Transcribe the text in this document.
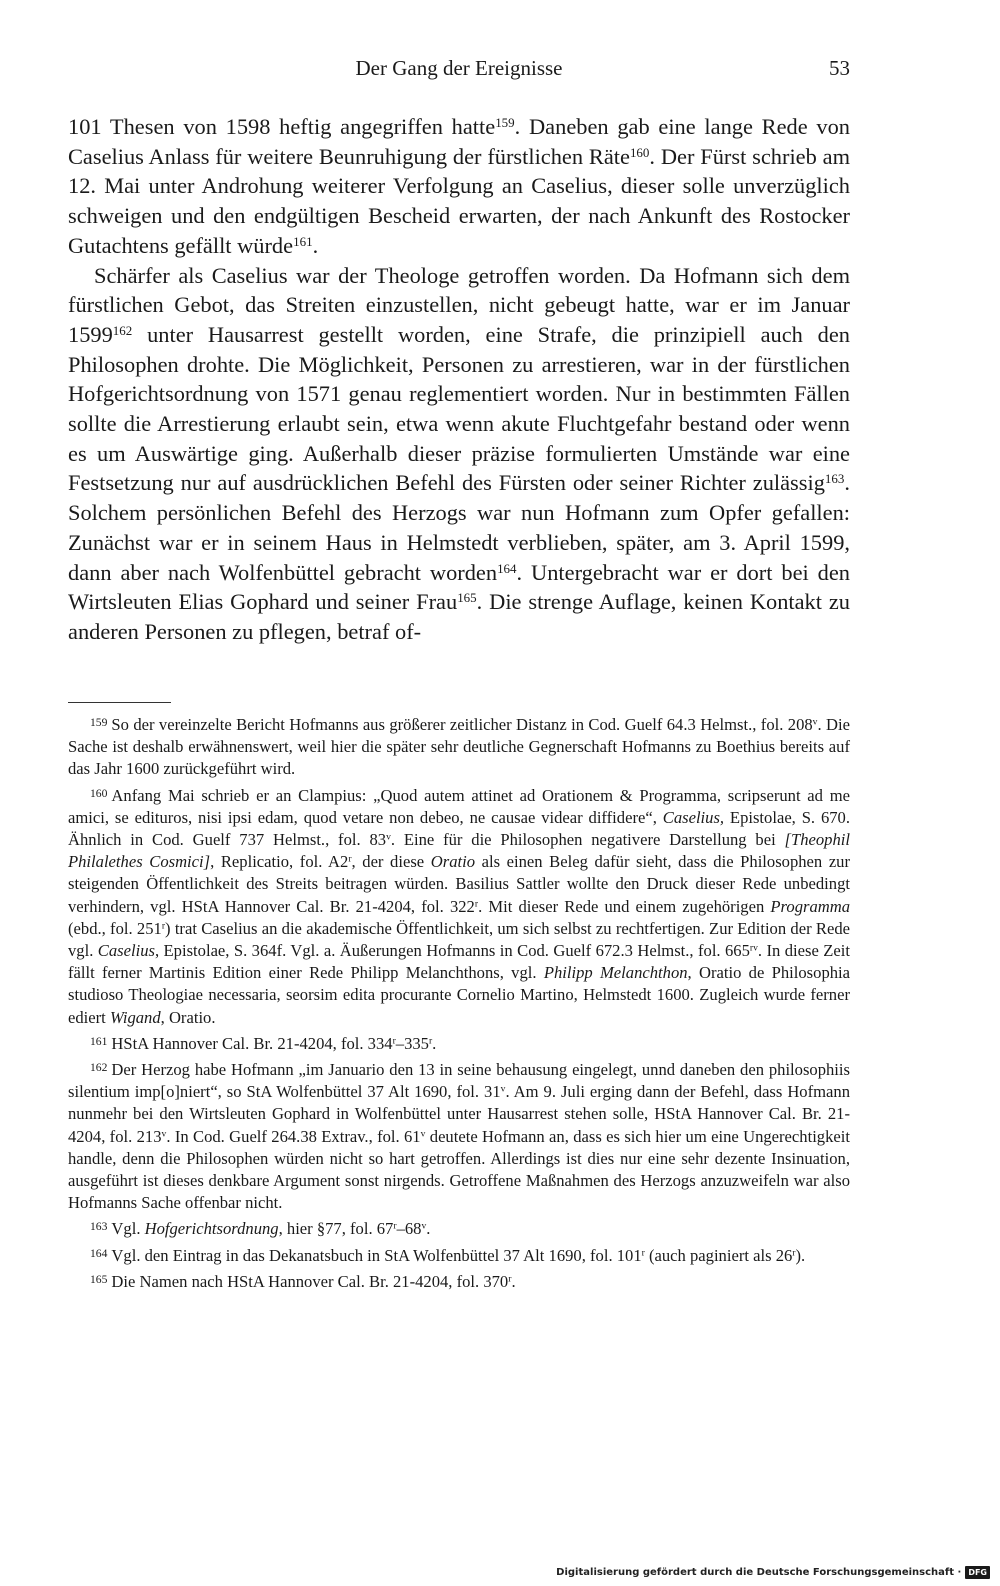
Der Gang der Ereignisse	53

101 Thesen von 1598 heftig angegriffen hatte$^{159}$. Daneben gab eine lange Rede von Caselius Anlass für weitere Beunruhigung der fürstlichen Räte$^{160}$. Der Fürst schrieb am 12. Mai unter Androhung weiterer Verfolgung an Caselius, dieser solle unverzüglich schweigen und den endgültigen Bescheid erwarten, der nach Ankunft des Rostocker Gutachtens gefällt würde$^{161}$.

Schärfer als Caselius war der Theologe getroffen worden. Da Hofmann sich dem fürstlichen Gebot, das Streiten einzustellen, nicht gebeugt hatte, war er im Januar 1599$^{162}$ unter Hausarrest gestellt worden, eine Strafe, die prinzipiell auch den Philosophen drohte. Die Möglichkeit, Personen zu arrestieren, war in der fürstlichen Hofgerichtsordnung von 1571 genau reglementiert worden. Nur in bestimmten Fällen sollte die Arrestierung erlaubt sein, etwa wenn akute Fluchtgefahr bestand oder wenn es um Auswärtige ging. Außerhalb dieser präzise formulierten Umstände war eine Festsetzung nur auf ausdrücklichen Befehl des Fürsten oder seiner Richter zulässig$^{163}$. Solchem persönlichen Befehl des Herzogs war nun Hofmann zum Opfer gefallen: Zunächst war er in seinem Haus in Helmstedt verblieben, später, am 3. April 1599, dann aber nach Wolfenbüttel gebracht worden$^{164}$. Untergebracht war er dort bei den Wirtsleuten Elias Gophard und seiner Frau$^{165}$. Die strenge Auflage, keinen Kontakt zu anderen Personen zu pflegen, betraf of-

$^{159}$ So der vereinzelte Bericht Hofmanns aus größerer zeitlicher Distanz in Cod. Guelf 64.3 Helmst., fol. 208$^v$. Die Sache ist deshalb erwähnenswert, weil hier die später sehr deutliche Gegnerschaft Hofmanns zu Boethius bereits auf das Jahr 1600 zurückgeführt wird.

$^{160}$ Anfang Mai schrieb er an Clampius: „Quod autem attinet ad Orationem & Programma, scripserunt ad me amici, se edituros, nisi ipsi edam, quod vetare non debeo, ne causae videar diffidere“, Caselius, Epistolae, S. 670. Ähnlich in Cod. Guelf 737 Helmst., fol. 83$^v$. Eine für die Philosophen negativere Darstellung bei [Theophil Philalethes Cosmici], Replicatio, fol. A2$^r$, der diese Oratio als einen Beleg dafür sieht, dass die Philosophen zur steigenden Öffentlichkeit des Streits beitragen würden. Basilius Sattler wollte den Druck dieser Rede unbedingt verhindern, vgl. HStA Hannover Cal. Br. 21-4204, fol. 322$^r$. Mit dieser Rede und einem zugehörigen Programma (ebd., fol. 251$^r$) trat Caselius an die akademische Öffentlichkeit, um sich selbst zu rechtfertigen. Zur Edition der Rede vgl. Caselius, Epistolae, S. 364f. Vgl. a. Äußerungen Hofmanns in Cod. Guelf 672.3 Helmst., fol. $665^{rv}$. In diese Zeit fällt ferner Martinis Edition einer Rede Philipp Melanchthons, vgl. Philipp Melanchthon, Oratio de Philosophia studioso Theologiae necessaria, seorsim edita procurante Cornelio Martino, Helmstedt 1600. Zugleich wurde ferner ediert Wigand, Oratio.

$^{161}$ HStA Hannover Cal. Br. 21-4204, fol. 334$^r$–335$^r$.

$^{162}$ Der Herzog habe Hofmann „im Januario den 13 in seine behausung eingelegt, unnd daneben den philosophiis silentium imp[o]niert“, so StA Wolfenbüttel 37 Alt 1690, fol. 31$^v$. Am 9. Juli erging dann der Befehl, dass Hofmann nunmehr bei den Wirtsleuten Gophard in Wolfenbüttel unter Hausarrest stehen solle, HStA Hannover Cal. Br. 21-4204, fol. 213$^v$. In Cod. Guelf 264.38 Extrav., fol. 61$^v$ deutete Hofmann an, dass es sich hier um eine Ungerechtigkeit handle, denn die Philosophen würden nicht so hart getroffen. Allerdings ist dies nur eine sehr dezente Insinuation, ausgeführt ist dieses denkbare Argument sonst nirgends. Getroffene Maßnahmen des Herzogs anzuzweifeln war also Hofmanns Sache offenbar nicht.

$^{163}$ Vgl. Hofgerichtsordnung, hier §77, fol. 67$^r$–68$^v$.

$^{164}$ Vgl. den Eintrag in das Dekanatsbuch in StA Wolfenbüttel 37 Alt 1690, fol. 101$^r$ (auch paginiert als 26$^r$).

$^{165}$ Die Namen nach HStA Hannover Cal. Br. 21-4204, fol. 370$^r$.

Digitalisierung gefördert durch die Deutsche Forschungsgemeinschaft · DFG
